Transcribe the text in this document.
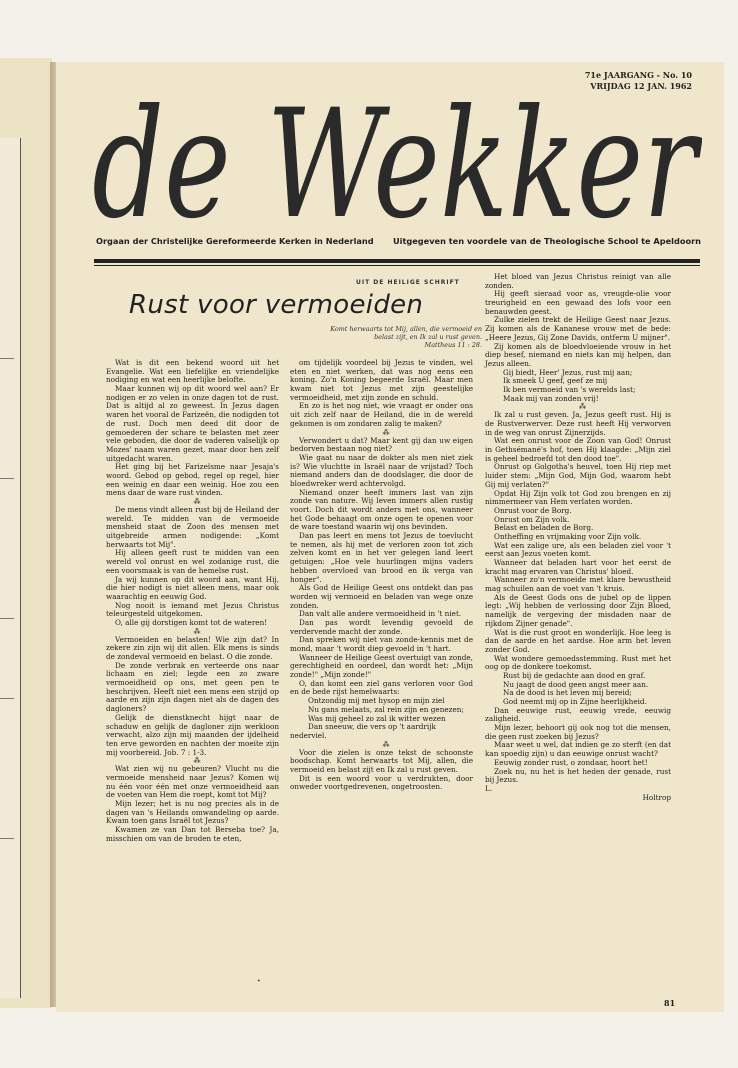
71e JAARGANG - No. 10
VRIJDAG 12 JAN. 1962
de Wekker
Orgaan der Christelijke Gereformeerde Kerken in Nederland Uitgegeven ten voordele van de Theologische School te Apeldoorn
UIT DE HEILIGE SCHRIFT
Rust voor vermoeiden
Komt herwaarts tot Mij, allen, die vermoeid en belast zijt, en Ik zal u rust geven.
Mattheus 11 : 28.

Wat is dit een bekend woord uit het Evangelie. Wat een liefelijke en vriendelijke nodiging en wat een heerlijke belofte.

Maar kunnen wij op dit woord wel aan? Er nodigen er zo velen in onze dagen tot de rust. Dat is altijd al zo geweest. In Jezus dagen waren het vooral de Farizeën, die nodigden tot de rust. Doch men deed dit door de gemoederen der schare te belasten met zeer vele geboden, die door de vaderen valselijk op Mozes' naam waren gezet, maar door hen zelf uitgedacht waren.

Het ging bij het Farizeïsme naar Jesaja's woord. Gebod op gebod, regel op regel, hier een weinig en daar een weinig. Hoe zou een mens daar de ware rust vinden.

⁂

De mens vindt alleen rust bij de Heiland der wereld. Te midden van de vermoeide mensheid staat de Zoon des mensen met uitgebreide armen nodigende: „Komt herwaarts tot Mij".

Hij alleen geeft rust te midden van een wereld vol onrust en wel zodanige rust, die een voorsmaak is van de hemelse rust.

Ja wij kunnen op dit woord aan, want Hij, die hier nodigt is niet alleen mens, maar ook waarachtig en eeuwig God.

Nog nooit is iemand met Jezus Christus teleurgesteld uitgekomen.

O, alle gij dorstigen komt tot de wateren!

⁂

Vermoeiden en belasten! Wie zijn dat? In zekere zin zijn wij dit allen. Elk mens is sinds de zondeval vermoeid en belast. O die zonde.

De zonde verbrak en verteerde ons naar lichaam en ziel; legde een zo zware vermoeidheid op ons, met geen pen te beschrijven. Heeft niet een mens een strijd op aarde en zijn zijn dagen niet als de dagen des dagloners?

Gelijk de dienstknecht hijgt naar de schaduw en gelijk de dagloner zijn werkloon verwacht, alzo zijn mij maanden der ijdelheid ten erve geworden en nachten der moeite zijn mij voorbereid. Job. 7 : 1-3.

⁂

Wat zien wij nu gebeuren? Vlucht nu die vermoeide mensheid naar Jezus? Komen wij nu één voor één met onze vermoeidheid aan de voeten van Hem die roept, komt tot Mij?

Mijn lezer; het is nu nog precies als in de dagen van 's Heilands omwandeling op aarde. Kwam toen gans Israël tot Jezus?

Kwamen ze van Dan tot Berseba toe? Ja, misschien om van de broden te eten,

om tijdelijk voordeel bij Jezus te vinden, wel eten en niet werken, dat was nog eens een koning. Zo'n Koning begeerde Israël. Maar men kwam niet tot Jezus met zijn geestelijke vermoeidheid, met zijn zonde en schuld.

En zo is het nog niet, wie vraagt er onder ons uit zich zelf naar de Heiland, die in de wereld gekomen is om zondaren zalig te maken?

⁂

Verwondert u dat? Maar kent gij dan uw eigen bedorven bestaan nog niet?

Wie gaat nu naar de dokter als men niet ziek is? Wie vluchtte in Israël naar de vrijstad? Toch niemand anders dan de doodslager, die door de bloedwreker werd achtervolgd.

Niemand onzer heeft immers last van zijn zonde van nature. Wij leven immers allen rustig voort. Doch dit wordt anders met ons, wanneer het Gode behaagt om onze ogen te openen voor de ware toestand waarin wij ons bevinden.

Dan pas leert en mens tot Jezus de toevlucht te nemen, als hij met de verloren zoon tot zich zelven komt en in het ver gelegen land leert getuigen: „Hoe vele huurlingen mijns vaders hebben overvloed van brood en ik verga van honger".

Als God de Heilige Geest ons ontdekt dan pas worden wij vermoeid en beladen van wege onze zonden.

Dan valt alle andere vermoeidheid in 't niet.

Dan pas wordt levendig gevoeld de verdervende macht der zonde.

Dan spreken wij niet van zonde-kennis met de mond, maar 't wordt diep gevoeld in 't hart.

Wanneer de Heilige Geest overtuigt van zonde, gerechtigheid en oordeel, dan wordt het: „Mijn zonde!" „Mijn zonde!"

O, dan komt een ziel gans verloren voor God en de bede rijst hemelwaarts:

Ontzondig mij met hysop en mijn ziel

Nu gans melaats, zal rein zijn en genezen;

Was mij geheel zo zal ik witter wezen

Dan sneeuw, die vers op 't aardrijk nederviel.

⁂

Voor die zielen is onze tekst de schoonste boodschap. Komt herwaarts tot Mij, allen, die vermoeid en belast zijt en Ik zal u rust geven.

Dit is een woord voor u verdrukten, door onweder voortgedrevenen, ongetroosten.

Het bloed van Jezus Christus reinigt van alle zonden.

Hij geeft sieraad voor as, vreugde-olie voor treurigheid en een gewaad des lofs voor een benauwden geest.

Zulke zielen trekt de Heilige Geest naar Jezus. Zij komen als de Kananese vrouw met de bede: „Heere Jezus, Gij Zone Davids, ontferm U mijner".

Zij komen als de bloedvloeiende vrouw in het diep besef, niemand en niets kan mij helpen, dan Jezus alleen.

Gij biedt, Heer' Jezus, rust mij aan;

Ik smeek U geef, geef ze mij

Ik ben vermoeid van 's werelds last;

Maak mij van zonden vrij!

⁂

Ik zal u rust geven. Ja, Jezus geeft rust. Hij is de Rustverwerver. Deze rust heeft Hij verworven in de weg van onrust Zijnerzijds.

Wat een onrust voor de Zoon van God! Onrust in Gethsémané's hof, toen Hij klaagde: „Mijn ziel is geheel bedroefd tot den dood toe".

Onrust op Golgotha's heuvel, toen Hij riep met luider stem: „Mijn God, Mijn God, waarom hebt Gij mij verlaten?"

Opdat Hij Zijn volk tot God zou brengen en zij nimmermeer van Hem verlaten worden.

Onrust voor de Borg.

Onrust om Zijn volk.

Belast en beladen de Borg.

Ontheffing en vrijmaking voor Zijn volk.

Wat een zalige ure, als een beladen ziel voor 't eerst aan Jezus voeten komt.

Wanneer dat beladen hart voor het eerst de kracht mag ervaren van Christus' bloed.

Wanneer zo'n vermoeide met klare bewustheid mag schuilen aan de voet van 't kruis.

Als de Geest Gods ons de jubel op de lippen legt: „Wij hebben de verlossing door Zijn Bloed, namelijk de vergeving der misdaden naar de rijkdom Zijner genade".

Wat is die rust groot en wonderlijk. Hoe leeg is dan de aarde en het aardse. Hoe arm het leven zonder God.

Wat wondere gemoedsstemming. Rust met het oog op de donkere toekomst.

Rust bij de gedachte aan dood en graf.

Nu jaagt de dood geen angst meer aan.

Na de dood is het leven mij bereid;

God neemt mij op in Zijne heerlijkheid.

Dan eeuwige rust, eeuwig vrede, eeuwig zaligheid.

Mijn lezer, behoort gij ook nog tot die mensen, die geen rust zoeken bij Jezus?

Maar weet u wel, dat indien ge zo sterft (en dat kan spoedig zijn) u dan eeuwige onrust wacht?

Eeuwig zonder rust, o zondaar, hoort het!

Zoek nu, nu het is het heden der genade, rust bij Jezus.

L.

Holtrop

•
81
